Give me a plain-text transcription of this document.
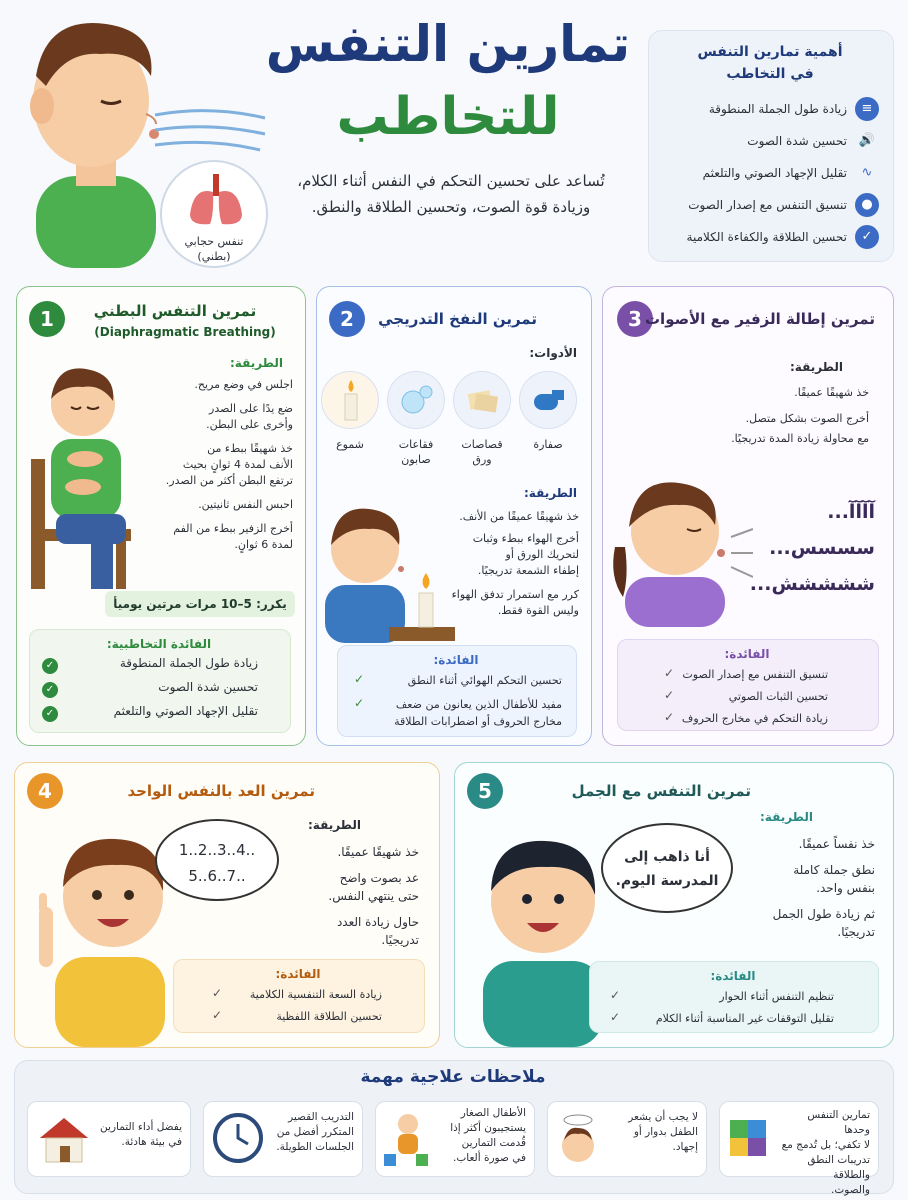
تنفس حجابي
(بطني)
تمارين التنفس
للتخاطب
تُساعد على تحسين التحكم في النفس أثناء الكلام،
وزيادة قوة الصوت، وتحسين الطلاقة والنطق.
أهمية تمارين التنفس
في التخاطب
≡
زيادة طول الجملة المنطوقة
🔊
تحسين شدة الصوت
∿
تقليل الإجهاد الصوتي والتلعثم
●
تنسيق التنفس مع إصدار الصوت
✓
تحسين الطلاقة والكفاءة الكلامية
1	تمرين التنفس البطني
(Diaphragmatic Breathing)
الطريقة:
اجلس في وضع مريح.
ضع يدًا على الصدر
وأخرى على البطن.
خذ شهيقًا ببطء من
الأنف لمدة 4 ثوانٍ بحيث
ترتفع البطن أكثر من الصدر.
احبس النفس ثانيتين.
أخرج الزفير ببطء من الفم
لمدة 6 ثوانٍ.
يكرر: 5–10 مرات مرتين يوميأ
الفائدة التخاطبية:
✓	زيادة طول الجملة المنطوقة
✓	تحسين شدة الصوت
✓	تقليل الإجهاد الصوتي والتلعثم
2	تمرين النفخ التدريجي
الأدوات:
صفارة
قصاصات
ورق
فقاعات
صابون
شموع
الطريقة:
خذ شهيقًا عميقًا من الأنف.
أخرج الهواء ببطء وثبات
لتحريك الورق أو
إطفاء الشمعة تدريجيًا.
كرر مع استمرار تدفق الهواء
وليس القوة فقط.
الفائدة:
✓	تحسين التحكم الهوائي أثناء النطق
✓	مفيد للأطفال الذين يعانون من ضعف
مخارج الحروف أو اضطرابات الطلاقة
3 تمرين إطالة الزفير مع الأصوات
الطريقة:
خذ شهيقًا عميقًا.
أخرج الصوت بشكل متصل.
مع محاولة زيادة المدة تدريجيًا.
آآآآ...
سسسس...
ششششش...
الفائدة:
✓ تنسيق التنفس مع إصدار الصوت
✓	تحسين الثبات الصوتي
✓ زيادة التحكم في مخارج الحروف
4	تمرين العد بالنفس الواحد
1..2..3..4..
5..6..7..
الطريقة:
خذ شهيقًا عميقًا.
عد بصوت واضح
حتى ينتهي النفس.
حاول زيادة العدد
تدريجيًا.
الفائدة:
✓	زيادة السعة التنفسية الكلامية
✓	تحسين الطلاقة اللفظية
5	تمرين التنفس مع الجمل
أنا ذاهب إلى
المدرسة اليوم.
الطريقة:
خذ نفساً عميقًا.
نطق جملة كاملة
بنفس واحد.
ثم زيادة طول الجمل
تدريجيًا.
الفائدة:
✓	تنظيم التنفس أثناء الحوار
✓	تقليل التوقفات غير المناسبة أثناء الكلام
ملاحظات علاجية مهمة
تمارين التنفس وحدها
لا تكفي؛ بل تُدمج مع
تدريبات النطق والطلاقة
والصوت.
لا يجب أن يشعر
الطفل بدوار أو
إجهاد.
الأطفال الصغار
يستجيبون أكثر إذا
قُدمت التمارين
في صورة ألعاب.
التدريب القصير
المتكرر أفضل من
الجلسات الطويلة.
يفضل أداء التمارين
في بيئة هادئة.
